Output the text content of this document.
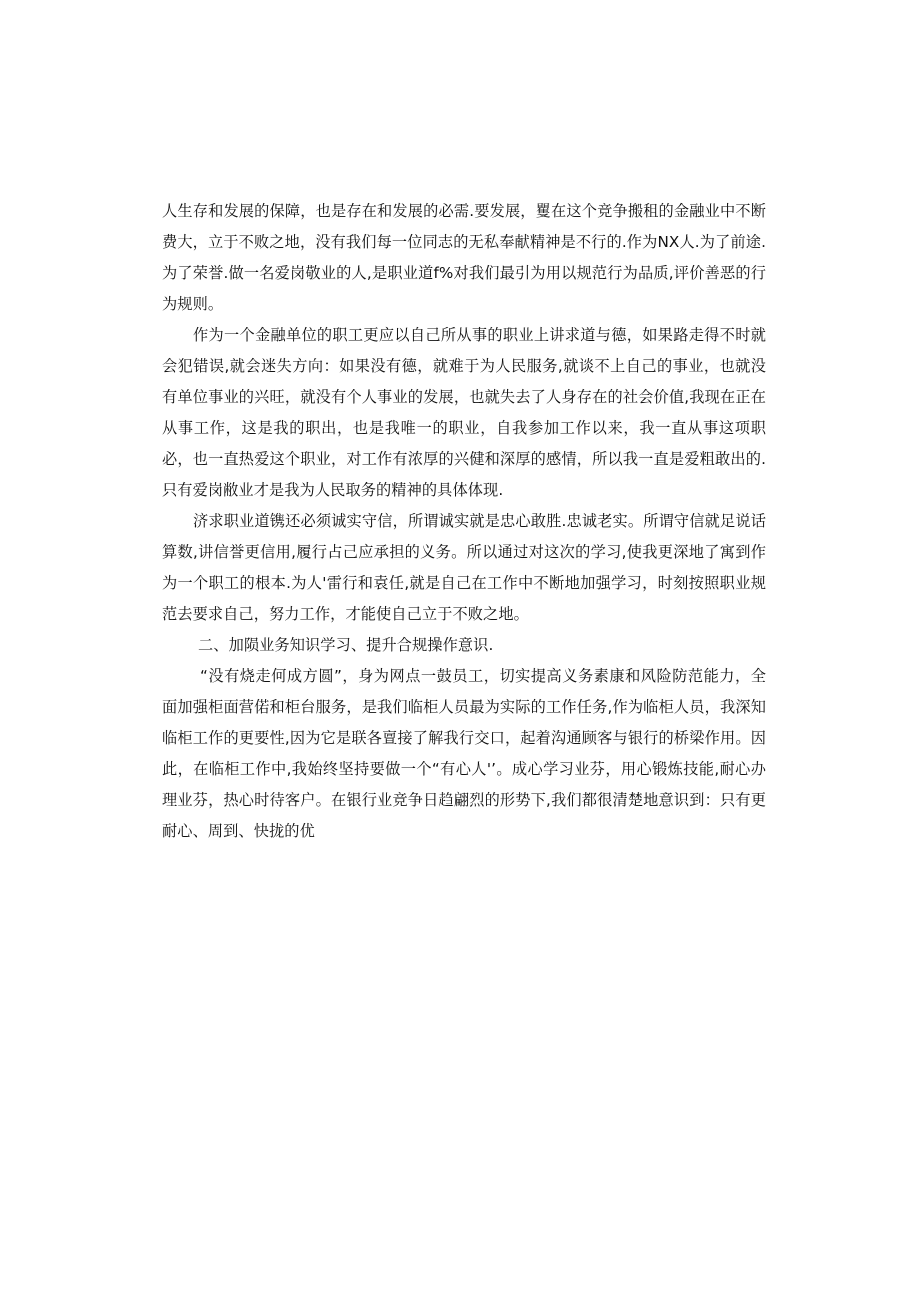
人生存和发展的保障，也是存在和发展的必需.要发展，矍在这个竞争搬租的金融业中不断费大，立于不败之地，没有我们每一位同志的无私奉献精神是不行的.作为NX人.为了前途.为了荣誉.做一名爱岗敬业的人,是职业道f%对我们最引为用以规范行为品质,评价善恶的行为规则。

作为一个金融单位的职工更应以自己所从事的职业上讲求道与德，如果路走得不时就会犯错误,就会迷失方向：如果没有德，就难于为人民服务,就谈不上自己的事业，也就没有单位事业的兴旺，就没有个人事业的发展，也就失去了人身存在的社会价值,我现在正在从事工作，这是我的职出，也是我唯一的职业，自我参加工作以来，我一直从事这项职必，也一直热爱这个职业，对工作有浓厚的兴健和深厚的感情，所以我一直是爱粗敢出的.只有爱岗敝业才是我为人民取务的精神的具体体现.

济求职业道镌还必须诚实守信，所谓诚实就是忠心敢胜.忠诚老实。所谓守信就足说话算数,讲信誉更信用,履行占己应承担的义务。所以通过对这次的学习,使我更深地了寓到作为一个职工的根本.为人'雷行和袁任,就是自己在工作中不断地加强学习，时刻按照职业规范去要求自己，努力工作，才能使自己立于不败之地。

二、加陨业务知识学习、提升合规操作意识.

“没有烧走何成方圆”，身为网点一鼓员工，切实提高义务素康和风险防范能力，全面加强柜面营偌和柜台服务，是我们临柜人员最为实际的工作任务,作为临柜人员，我深知临柜工作的更要性,因为它是联各亶接了解我行交口，起着沟通顾客与银行的桥梁作用。因此，在临柜工作中,我始终坚持要做一个“有心人'’。成心学习业芬，用心锻炼技能,耐心办理业芬，热心时待客户。在银行业竞争日趋翩烈的形势下,我们都很清楚地意识到：只有更耐心、周到、快拢的优
